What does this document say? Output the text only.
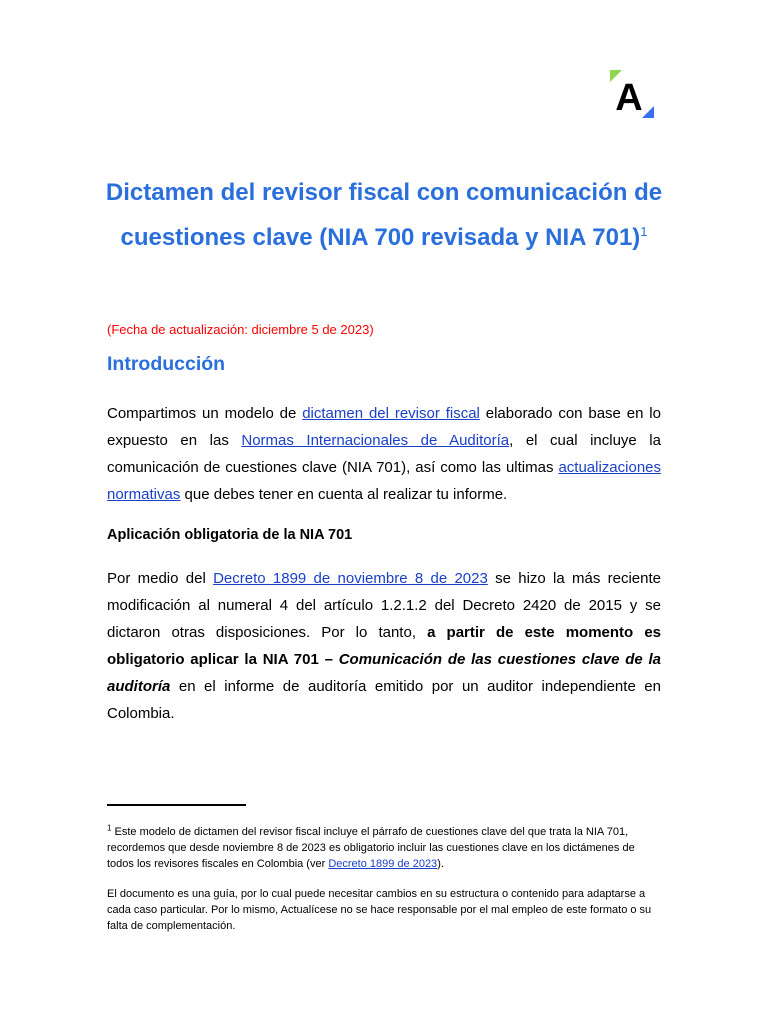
A
Dictamen del revisor fiscal con comunicación de cuestiones clave (NIA 700 revisada y NIA 701)$^1$
(Fecha de actualización: diciembre 5 de 2023)
Introducción

Compartimos un modelo de dictamen del revisor fiscal elaborado con base en lo expuesto en las Normas Internacionales de Auditoría, el cual incluye la comunicación de cuestiones clave (NIA 701), así como las ultimas actualizaciones normativas que debes tener en cuenta al realizar tu informe.

Aplicación obligatoria de la NIA 701

Por medio del Decreto 1899 de noviembre 8 de 2023 se hizo la más reciente modificación al numeral 4 del artículo 1.2.1.2 del Decreto 2420 de 2015 y se dictaron otras disposiciones. Por lo tanto, a partir de este momento es obligatorio aplicar la NIA 701 – Comunicación de las cuestiones clave de la auditoría en el informe de auditoría emitido por un auditor independiente en Colombia.

$^1$ Este modelo de dictamen del revisor fiscal incluye el párrafo de cuestiones clave del que trata la NIA 701, recordemos que desde noviembre 8 de 2023 es obligatorio incluir las cuestiones clave en los dictámenes de todos los revisores fiscales en Colombia (ver Decreto 1899 de 2023).

El documento es una guía, por lo cual puede necesitar cambios en su estructura o contenido para adaptarse a cada caso particular. Por lo mismo, Actualícese no se hace responsable por el mal empleo de este formato o su falta de complementación.
